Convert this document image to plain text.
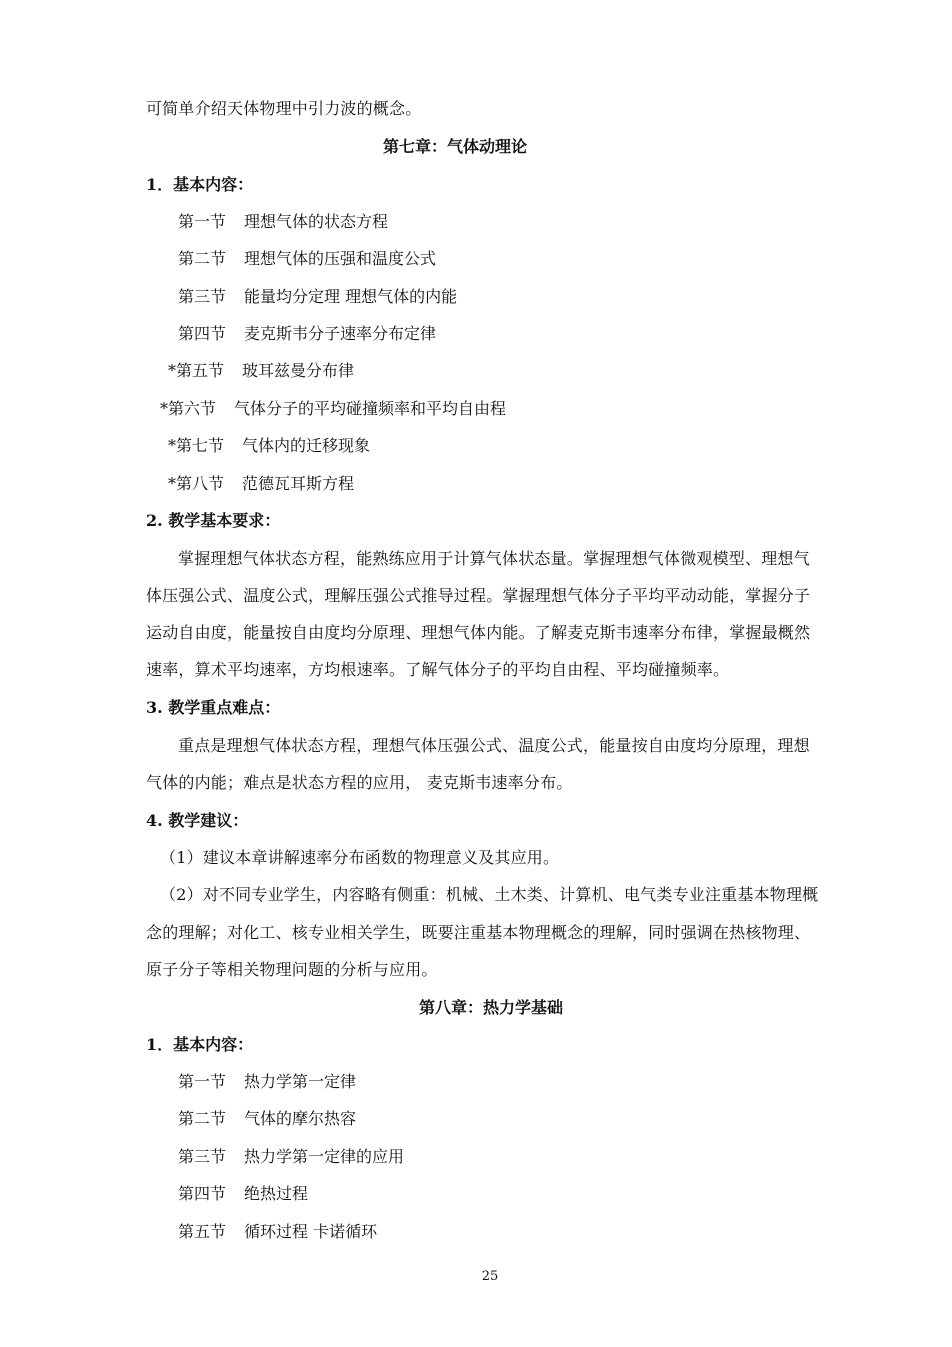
可简单介绍天体物理中引力波的概念。
第七章：气体动理论
1．基本内容：
第一节 理想气体的状态方程
第二节 理想气体的压强和温度公式
第三节 能量均分定理 理想气体的内能
第四节 麦克斯韦分子速率分布定律
*第五节 玻耳兹曼分布律
*第六节 气体分子的平均碰撞频率和平均自由程
*第七节 气体内的迁移现象
*第八节 范德瓦耳斯方程
2. 教学基本要求：
掌握理想气体状态方程，能熟练应用于计算气体状态量。掌握理想气体微观模型、理想气
体压强公式、温度公式，理解压强公式推导过程。掌握理想气体分子平均平动动能，掌握分子
运动自由度，能量按自由度均分原理、理想气体内能。了解麦克斯韦速率分布律，掌握最概然
速率，算术平均速率，方均根速率。了解气体分子的平均自由程、平均碰撞频率。
3. 教学重点难点：
重点是理想气体状态方程，理想气体压强公式、温度公式，能量按自由度均分原理，理想
气体的内能；难点是状态方程的应用， 麦克斯韦速率分布。
4. 教学建议：
（1）建议本章讲解速率分布函数的物理意义及其应用。
（2）对不同专业学生，内容略有侧重：机械、土木类、计算机、电气类专业注重基本物理概
念的理解；对化工、核专业相关学生，既要注重基本物理概念的理解，同时强调在热核物理、
原子分子等相关物理问题的分析与应用。
第八章：热力学基础
1．基本内容：
第一节 热力学第一定律
第二节 气体的摩尔热容
第三节 热力学第一定律的应用
第四节 绝热过程
第五节 循环过程 卡诺循环
25
